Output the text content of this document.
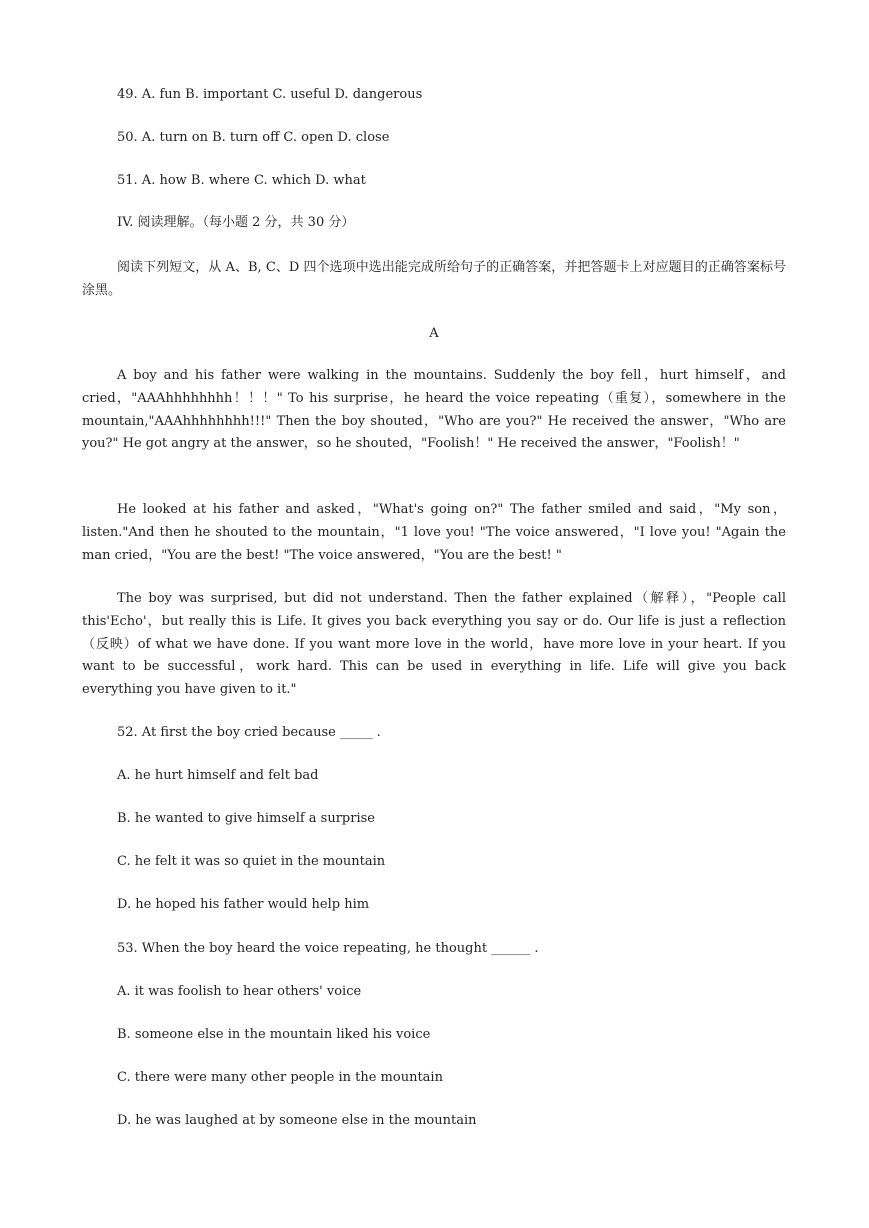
49. A. fun B. important C. useful D. dangerous
50. A. turn on B. turn off C. open D. close
51. A. how B. where C. which D. what
IV. 阅读理解。（每小题 2 分，共 30 分）

阅读下列短文，从 A、B, C、D 四个选项中选出能完成所给句子的正确答案，并把答题卡上对应题目的正确答案标号涂黑。

A

A boy and his father were walking in the mountains. Suddenly the boy fell，hurt himself，and cried，"AAAhhhhhhhh！！！" To his surprise，he heard the voice repeating（重复），somewhere in the mountain,"AAAhhhhhhhh!!!" Then the boy shouted，"Who are you?" He received the answer，"Who are you?" He got angry at the answer，so he shouted，"Foolish！" He received the answer，"Foolish！"

He looked at his father and asked，"What's going on?" The father smiled and said，"My son，listen."And then he shouted to the mountain，"1 love you! "The voice answered，"I love you! "Again the man cried，"You are the best! "The voice answered，"You are the best! "

The boy was surprised, but did not understand. Then the father explained（解释），"People call this'Echo'，but really this is Life. It gives you back everything you say or do. Our life is just a reflection（反映）of what we have done. If you want more love in the world，have more love in your heart. If you want to be successful，work hard. This can be used in everything in life. Life will give you back everything you have given to it."

52. At first the boy cried because _____ .
A. he hurt himself and felt bad
B. he wanted to give himself a surprise
C. he felt it was so quiet in the mountain
D. he hoped his father would help him
53. When the boy heard the voice repeating, he thought ______ .
A. it was foolish to hear others' voice
B. someone else in the mountain liked his voice
C. there were many other people in the mountain
D. he was laughed at by someone else in the mountain
